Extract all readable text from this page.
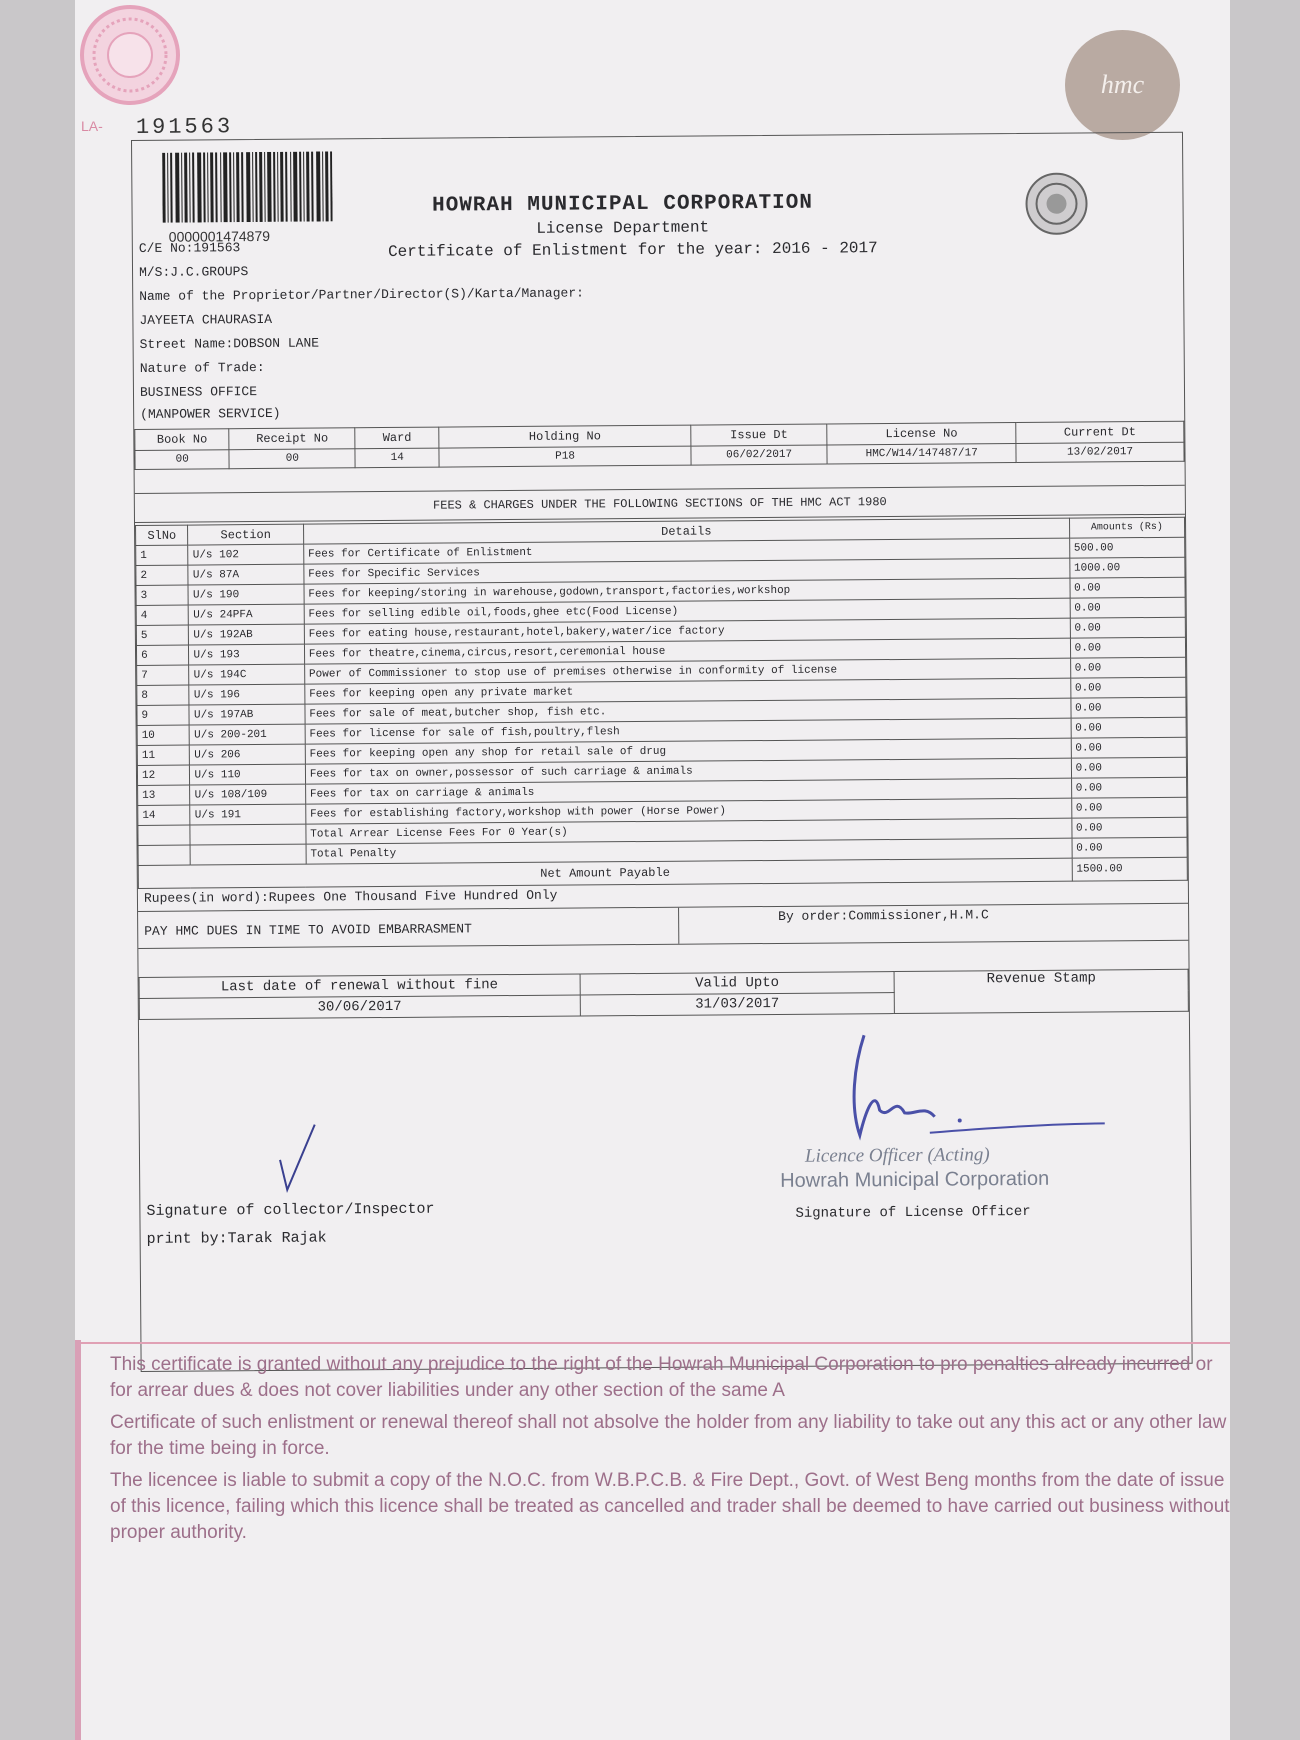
LA-
hmc
191563
0000001474879
HOWRAH MUNICIPAL CORPORATION
License Department
Certificate of Enlistment for the year: 2016 - 2017
C/E No:191563
M/S:J.C.GROUPS
Name of the Proprietor/Partner/Director(S)/Karta/Manager:
JAYEETA CHAURASIA
Street Name:DOBSON LANE
Nature of Trade:
BUSINESS OFFICE
(MANPOWER SERVICE)
Book No	Receipt No	Ward	Holding No	Issue Dt	License No	Current Dt
00	00	14	P18	06/02/2017	HMC/W14/147487/17	13/02/2017
FEES & CHARGES UNDER THE FOLLOWING SECTIONS OF THE HMC ACT 1980
SlNo	Section	Details	Amounts (Rs)
1	U/s 102	Fees for Certificate of Enlistment	500.00
2	U/s 87A	Fees for Specific Services	1000.00
3	U/s 190	Fees for keeping/storing in warehouse,godown,transport,factories,workshop	0.00
4	U/s 24PFA	Fees for selling edible oil,foods,ghee etc(Food License)	0.00
5	U/s 192AB	Fees for eating house,restaurant,hotel,bakery,water/ice factory	0.00
6	U/s 193	Fees for theatre,cinema,circus,resort,ceremonial house	0.00
7	U/s 194C	Power of Commissioner to stop use of premises otherwise in conformity of license	0.00
8	U/s 196	Fees for keeping open any private market	0.00
9	U/s 197AB	Fees for sale of meat,butcher shop, fish etc.	0.00
10	U/s 200-201	Fees for license for sale of fish,poultry,flesh	0.00
11	U/s 206	Fees for keeping open any shop for retail sale of drug	0.00
12	U/s 110	Fees for tax on owner,possessor of such carriage & animals	0.00
13	U/s 108/109	Fees for tax on carriage & animals	0.00
14	U/s 191	Fees for establishing factory,workshop with power (Horse Power)	0.00
		Total Arrear License Fees For 0 Year(s)	0.00
		Total Penalty	0.00
Net Amount Payable			1500.00
Rupees(in word):Rupees One Thousand Five Hundred Only
PAY HMC DUES IN TIME TO AVOID EMBARRASMENT
By order:Commissioner,H.M.C
Last date of renewal without fine	Valid Upto	Revenue Stamp
30/06/2017	31/03/2017	
Licence Officer (Acting)
Howrah Municipal Corporation
Signature of collector/Inspector	Signature of License Officer
print by:Tarak Rajak

This certificate is granted without any prejudice to the right of the Howrah Municipal Corporation to pro penalties already incurred or for arrear dues & does not cover liabilities under any other section of the same A

Certificate of such enlistment or renewal thereof shall not absolve the holder from any liability to take out any this act or any other law for the time being in force.

The licencee is liable to submit a copy of the N.O.C. from W.B.P.C.B. & Fire Dept., Govt. of West Beng months from the date of issue of this licence, failing which this licence shall be treated as cancelled and trader shall be deemed to have carried out business without proper authority.
